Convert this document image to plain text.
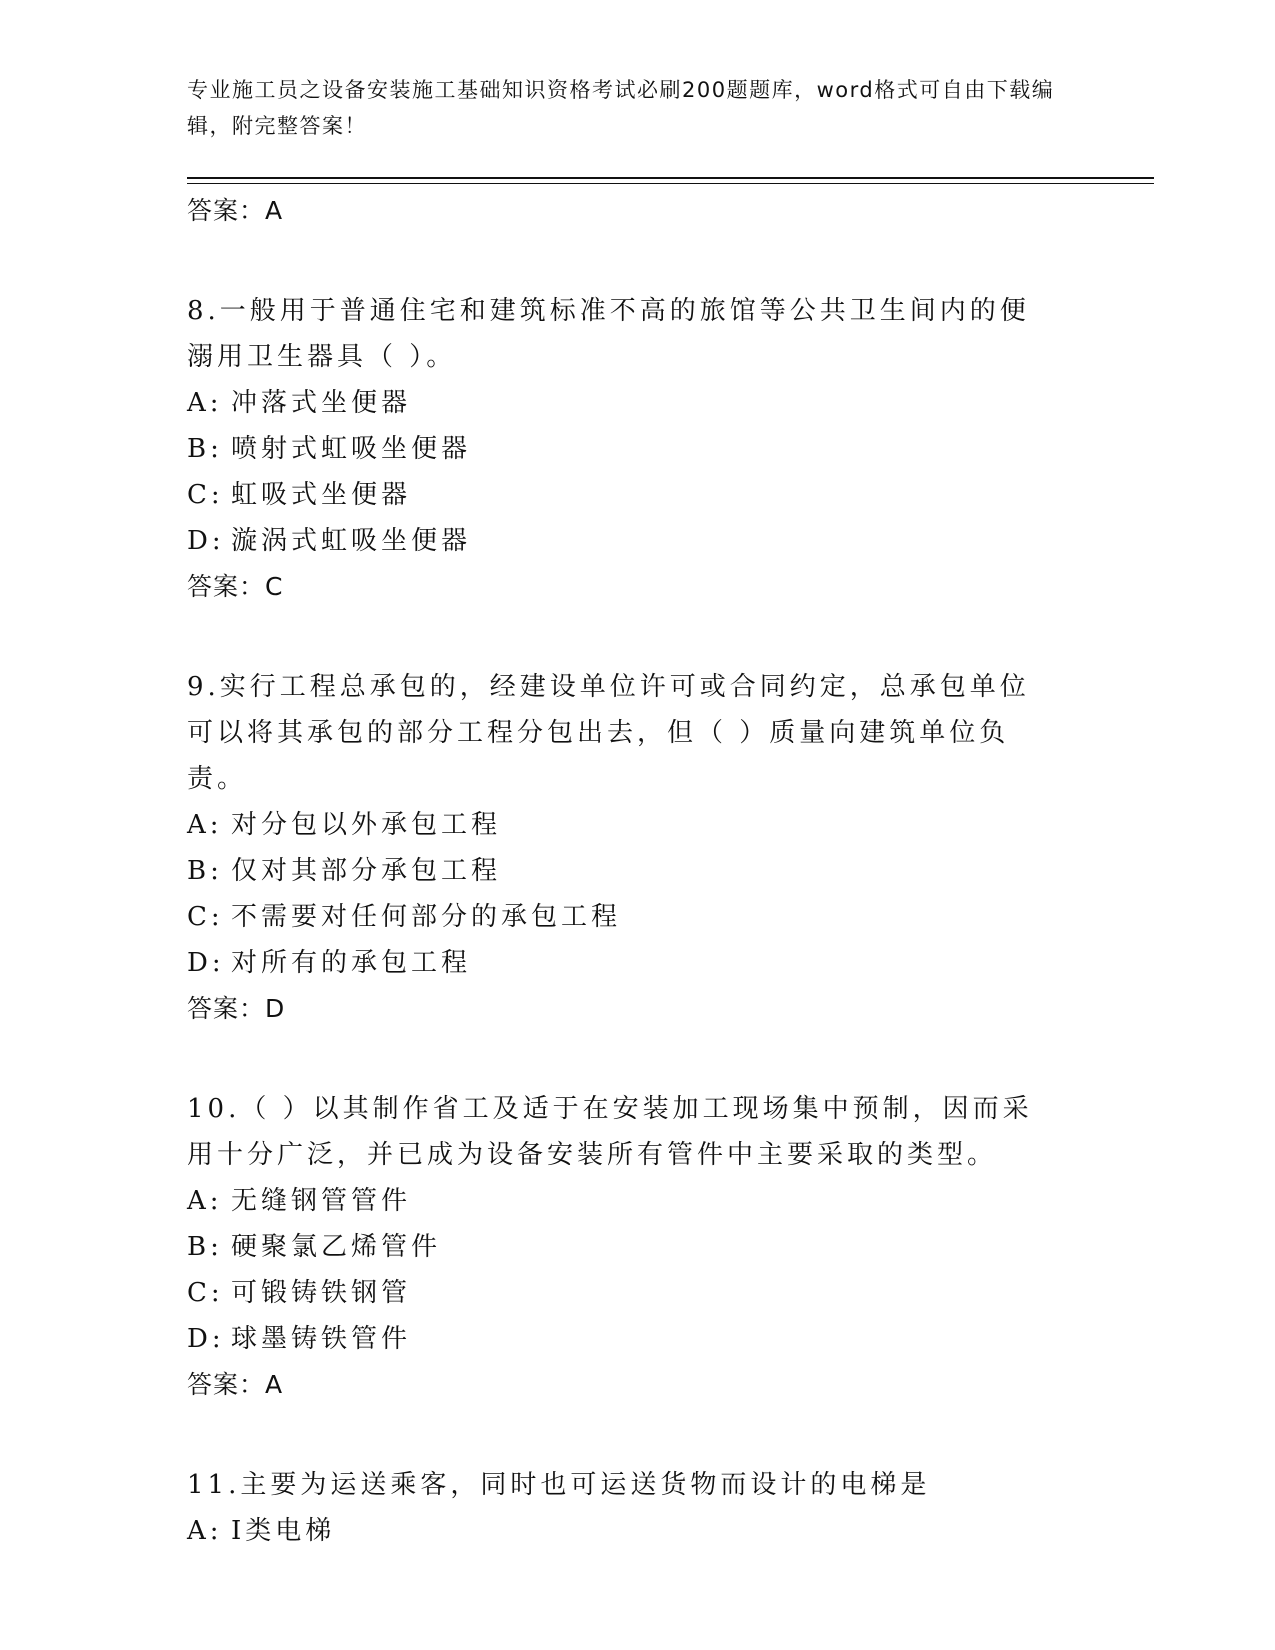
专业施工员之设备安装施工基础知识资格考试必刷200题题库，word格式可自由下载编辑，附完整答案！

答案：A

8.一般用于普通住宅和建筑标准不高的旅馆等公共卫生间内的便溺用卫生器具（ ）。

A: 冲落式坐便器

B: 喷射式虹吸坐便器

C: 虹吸式坐便器

D: 漩涡式虹吸坐便器

答案：C

9.实行工程总承包的，经建设单位许可或合同约定，总承包单位可以将其承包的部分工程分包出去，但（ ）质量向建筑单位负责。

A: 对分包以外承包工程

B: 仅对其部分承包工程

C: 不需要对任何部分的承包工程

D: 对所有的承包工程

答案：D

10.（ ）以其制作省工及适于在安装加工现场集中预制，因而采用十分广泛，并已成为设备安装所有管件中主要采取的类型。

A: 无缝钢管管件

B: 硬聚氯乙烯管件

C: 可锻铸铁钢管

D: 球墨铸铁管件

答案：A

11.主要为运送乘客，同时也可运送货物而设计的电梯是

A: Ⅰ类电梯
